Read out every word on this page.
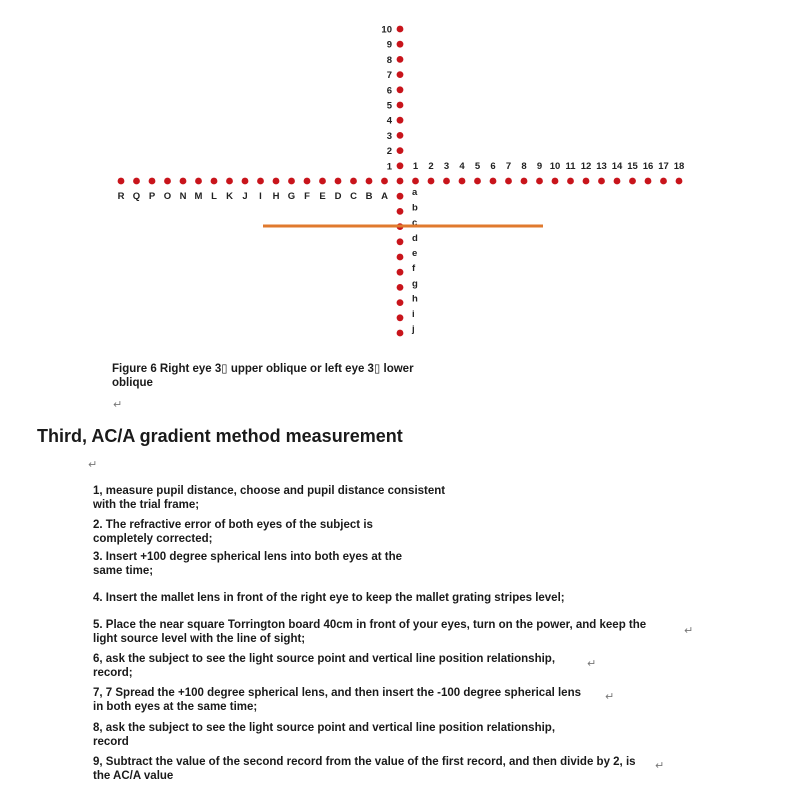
10
9
8
7
6
5
4
3
2
1 1 2 3 4 5 6 7 8 9 10 11 12 13 14 15 16 17 18
R Q P O N M L K J I H G F E D C B A	a
b
c
d
e
f
g
h
i
j

Figure 6 Right eye 3▯ upper oblique or left eye 3▯ lower oblique

↵
Third, AC/A gradient method measurement
↵

1, measure pupil distance, choose and pupil distance consistent
with the trial frame;

2. The refractive error of both eyes of the subject is
completely corrected;

3. Insert +100 degree spherical lens into both eyes at the
same time;

4. Insert the mallet lens in front of the right eye to keep the mallet grating stripes level;

5. Place the near square Torrington board 40cm in front of your eyes, turn on the power, and keep the
light source level with the line of sight;

↵

6, ask the subject to see the light source point and vertical line position relationship,
record;

↵

7, 7 Spread the +100 degree spherical lens, and then insert the -100 degree spherical lens
in both eyes at the same time;

↵

8, ask the subject to see the light source point and vertical line position relationship,
record

9, Subtract the value of the second record from the value of the first record, and then divide by 2, is
the AC/A value

↵
